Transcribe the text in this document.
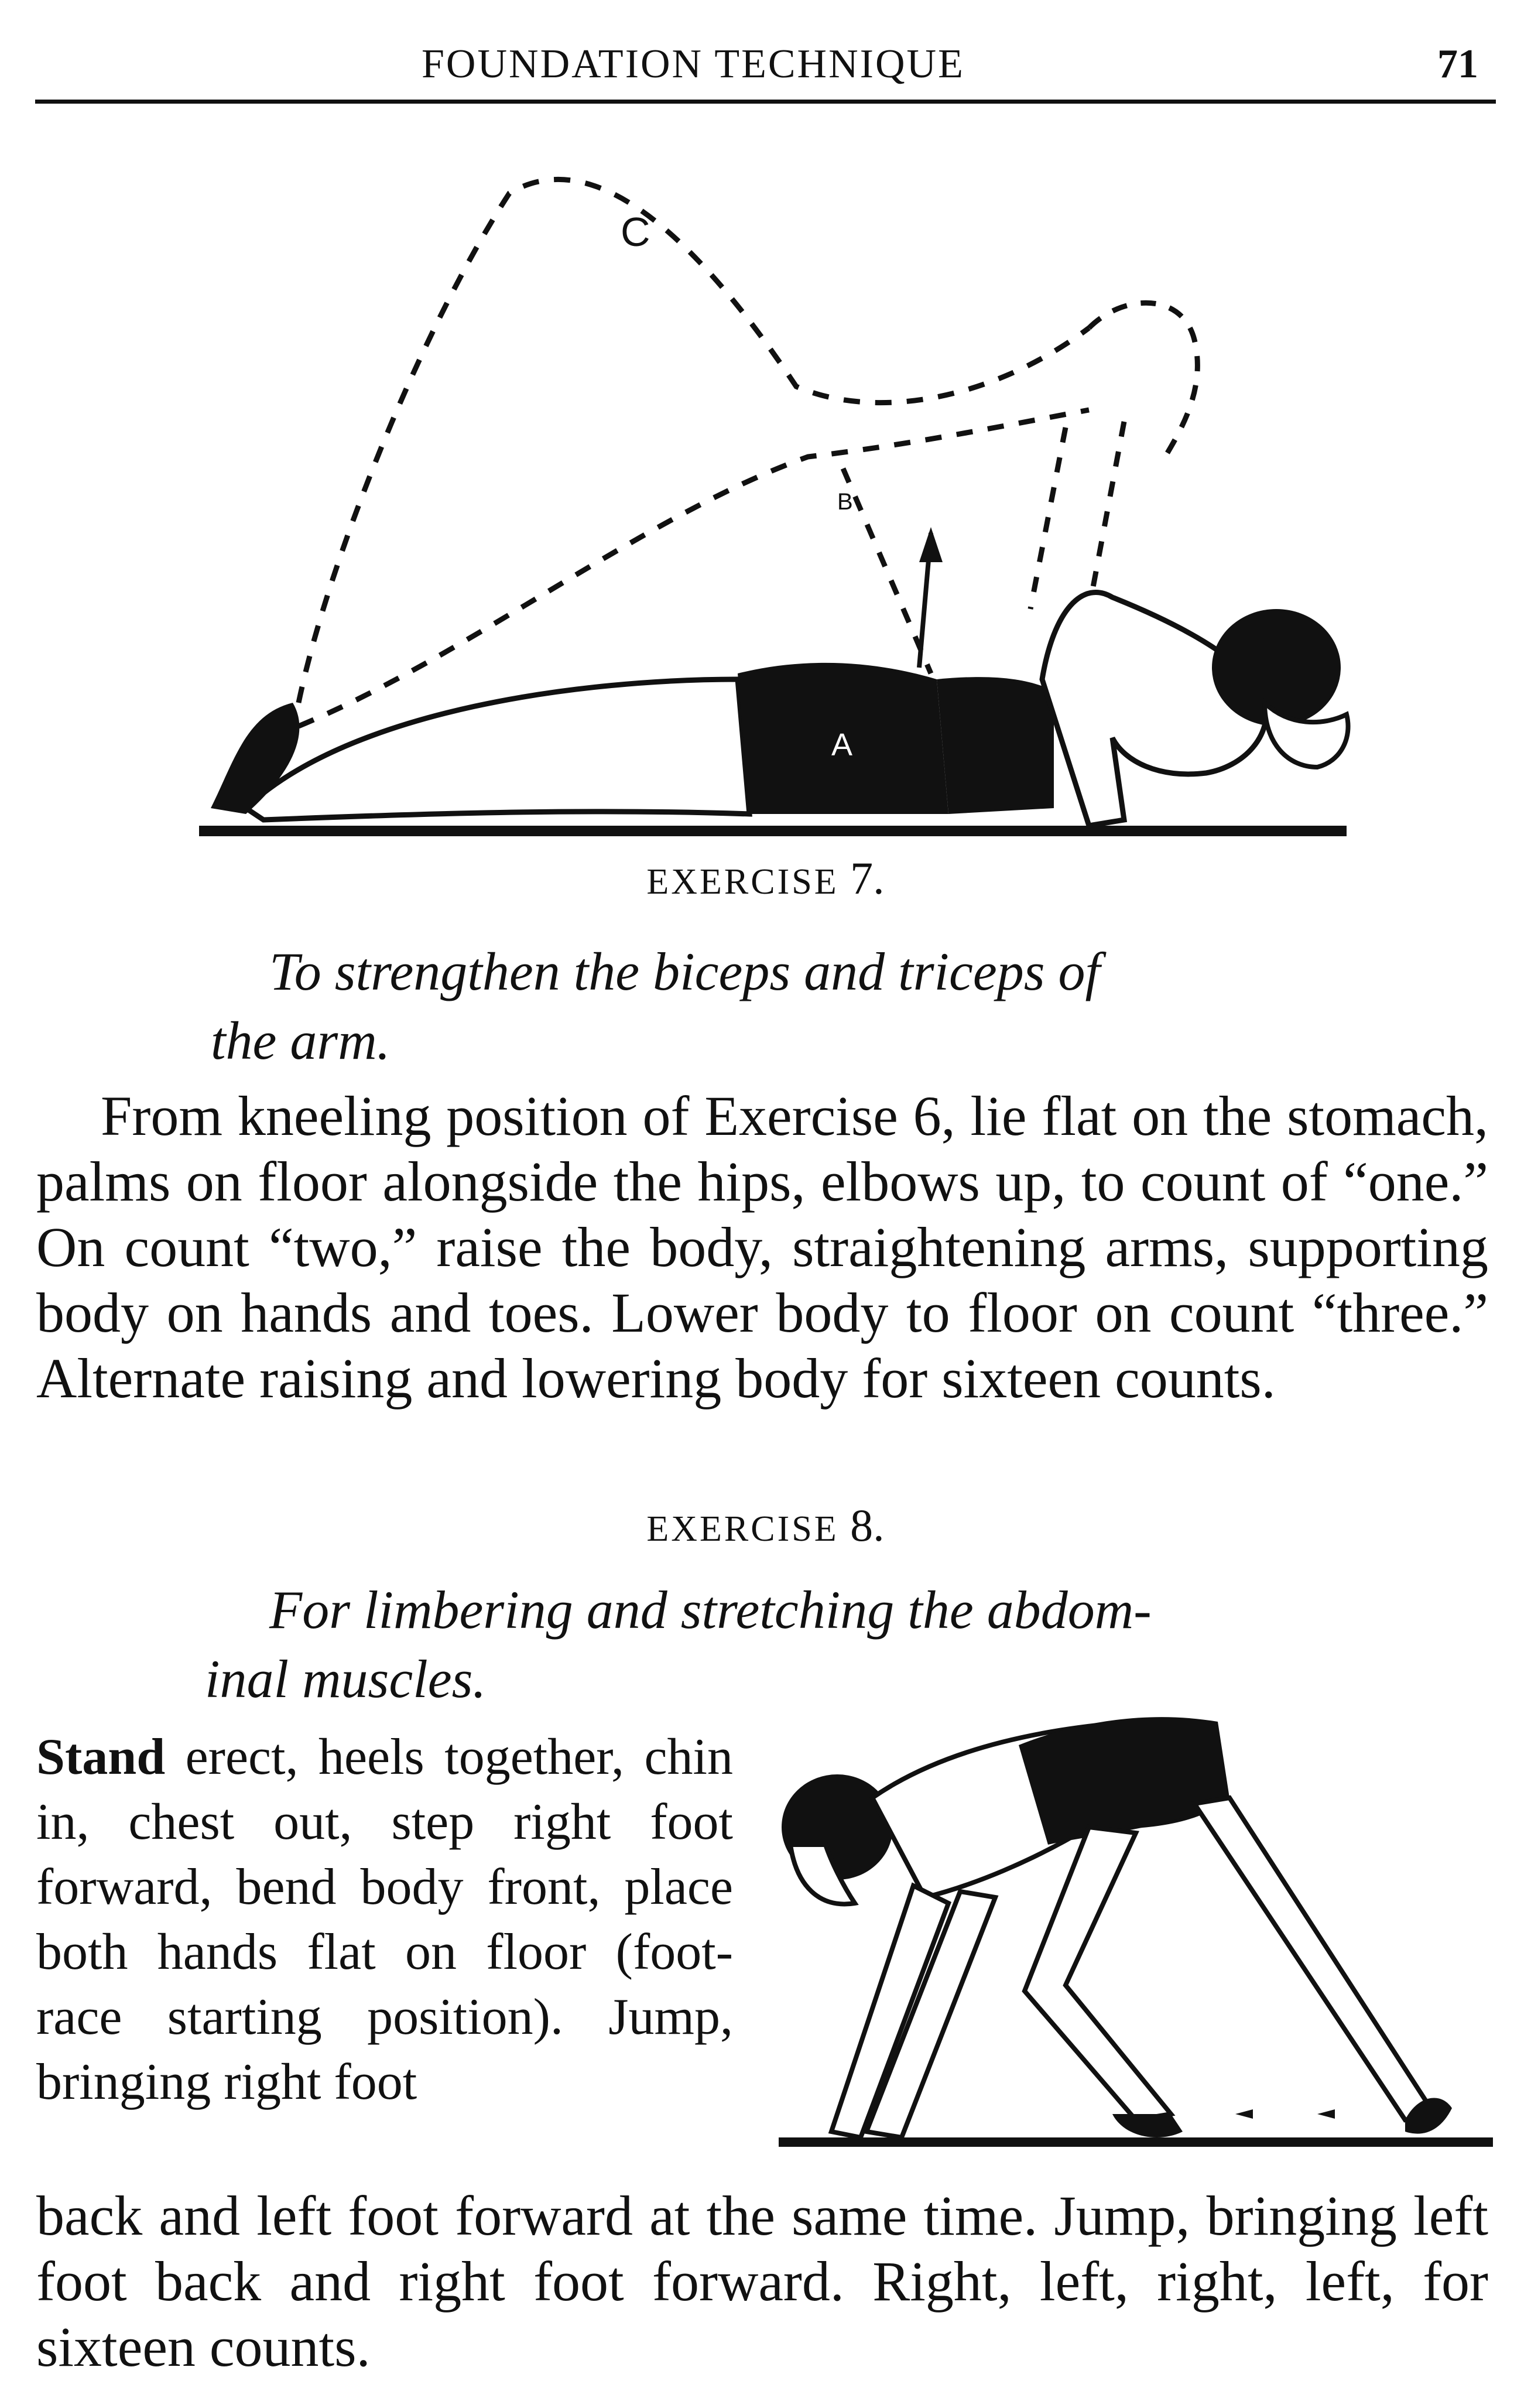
FOUNDATION TECHNIQUE	71
A
B
C
EXERCISE 7.
To strengthen the biceps and triceps of
the arm.
From kneeling position of Exercise 6, lie flat on the stomach, palms on floor alongside the hips, elbows up, to count of “one.” On count “two,” raise the body, straightening arms, supporting body on hands and toes. Lower body to floor on count “three.” Alternate raising and lowering body for sixteen counts.
EXERCISE 8.
For limbering and stretching the abdom-
inal muscles.
Stand erect, heels together, chin in, chest out, step right foot forward, bend body front, place both hands flat on floor (foot-race starting position). Jump, bringing right foot
back and left foot forward at the same time. Jump, bringing left foot back and right foot forward. Right, left, right, left, for sixteen counts.
